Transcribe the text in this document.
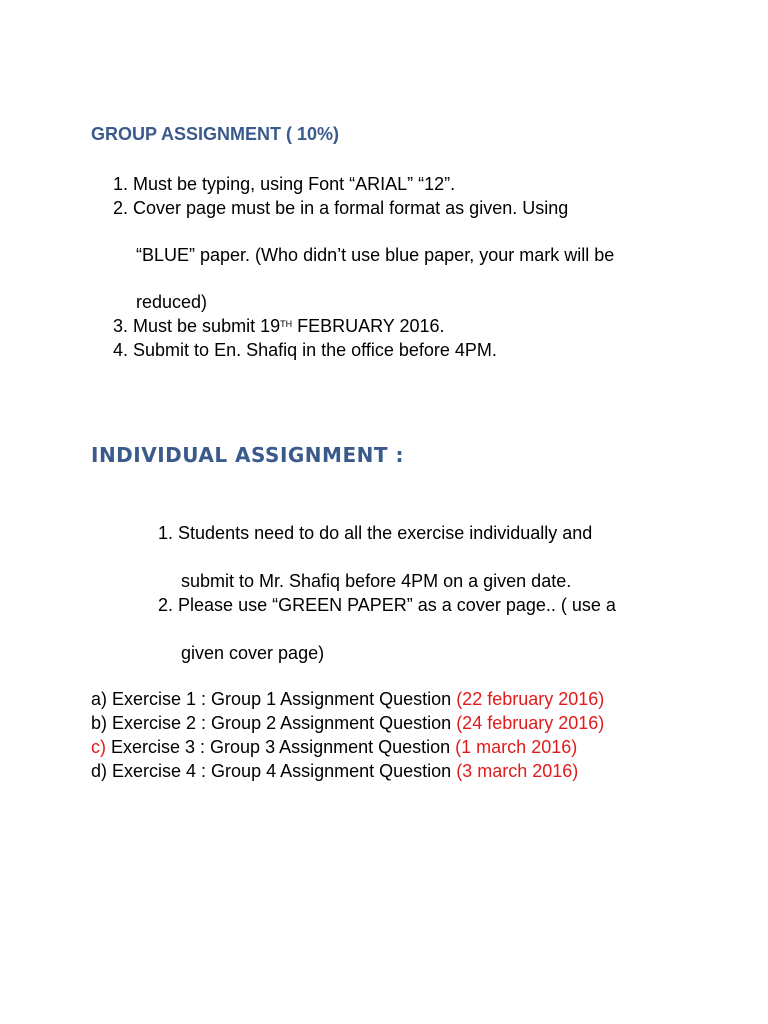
GROUP ASSIGNMENT ( 10%)
1. Must be typing, using Font “ARIAL” “12”.
2. Cover page must be in a formal format as given. Using
“BLUE” paper. (Who didn’t use blue paper, your mark will be
reduced)
3. Must be submit 19TH FEBRUARY 2016.
4. Submit to En. Shafiq in the office before 4PM.
INDIVIDUAL ASSIGNMENT :
1. Students need to do all the exercise individually and
submit to Mr. Shafiq before 4PM on a given date.
2. Please use “GREEN PAPER” as a cover page.. ( use a
given cover page)
a) Exercise 1 : Group 1 Assignment Question (22 february 2016)
b) Exercise 2 : Group 2 Assignment Question (24 february 2016)
c) Exercise 3 : Group 3 Assignment Question (1 march 2016)
d) Exercise 4 : Group 4 Assignment Question (3 march 2016)
